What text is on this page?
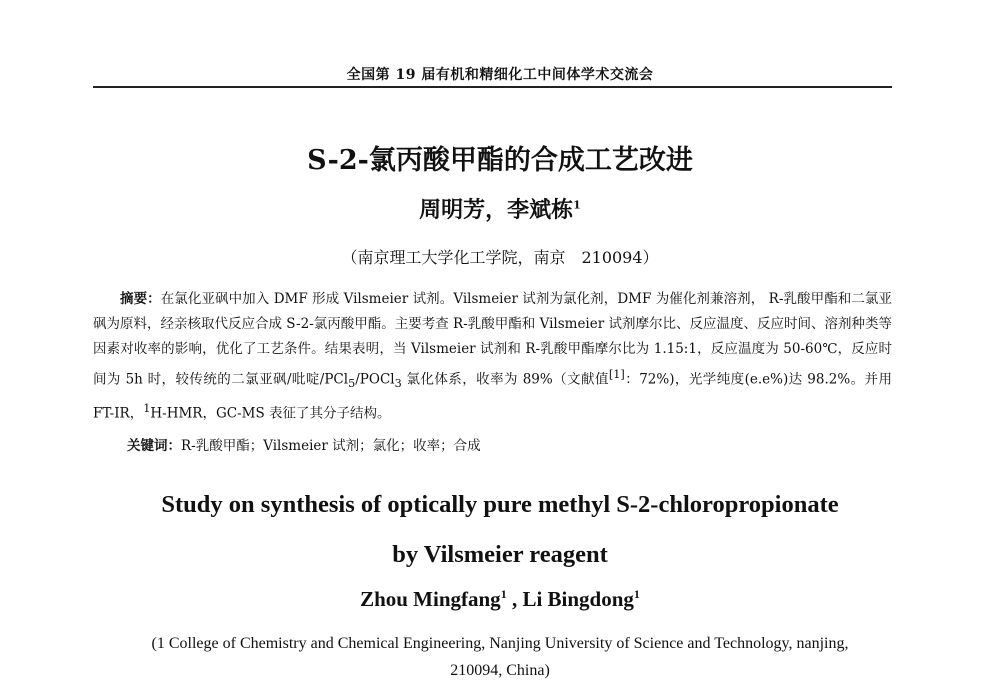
全国第 19 届有机和精细化工中间体学术交流会
S-2-氯丙酸甲酯的合成工艺改进
周明芳，李斌栋$^1$
（南京理工大学化工学院，南京　210094）
摘要：在氯化亚砜中加入 DMF 形成 Vilsmeier 试剂。Vilsmeier 试剂为氯化剂，DMF 为催化剂兼溶剂， R-乳酸甲酯和二氯亚砜为原料，经亲核取代反应合成 S-2-氯丙酸甲酯。主要考查 R-乳酸甲酯和 Vilsmeier 试剂摩尔比、反应温度、反应时间、溶剂种类等因素对收率的影响，优化了工艺条件。结果表明，当 Vilsmeier 试剂和 R-乳酸甲酯摩尔比为 1.15:1，反应温度为 50-60℃，反应时间为 5h 时，较传统的二氯亚砜/吡啶/PCl$_5$/POCl$_3$ 氯化体系，收率为 89%（文献值[1]：72%)，光学纯度(e.e%)达 98.2%。并用 FT-IR，$^1$H-HMR，GC-MS 表征了其分子结构。
关键词：R-乳酸甲酯；Vilsmeier 试剂；氯化；收率；合成
Study on synthesis of optically pure methyl S-2-chloropropionate
by Vilsmeier reagent
Zhou Mingfang$^1$ , Li Bingdong$^1$
(1 College of Chemistry and Chemical Engineering, Nanjing University of Science and Technology, nanjing,
210094, China)
